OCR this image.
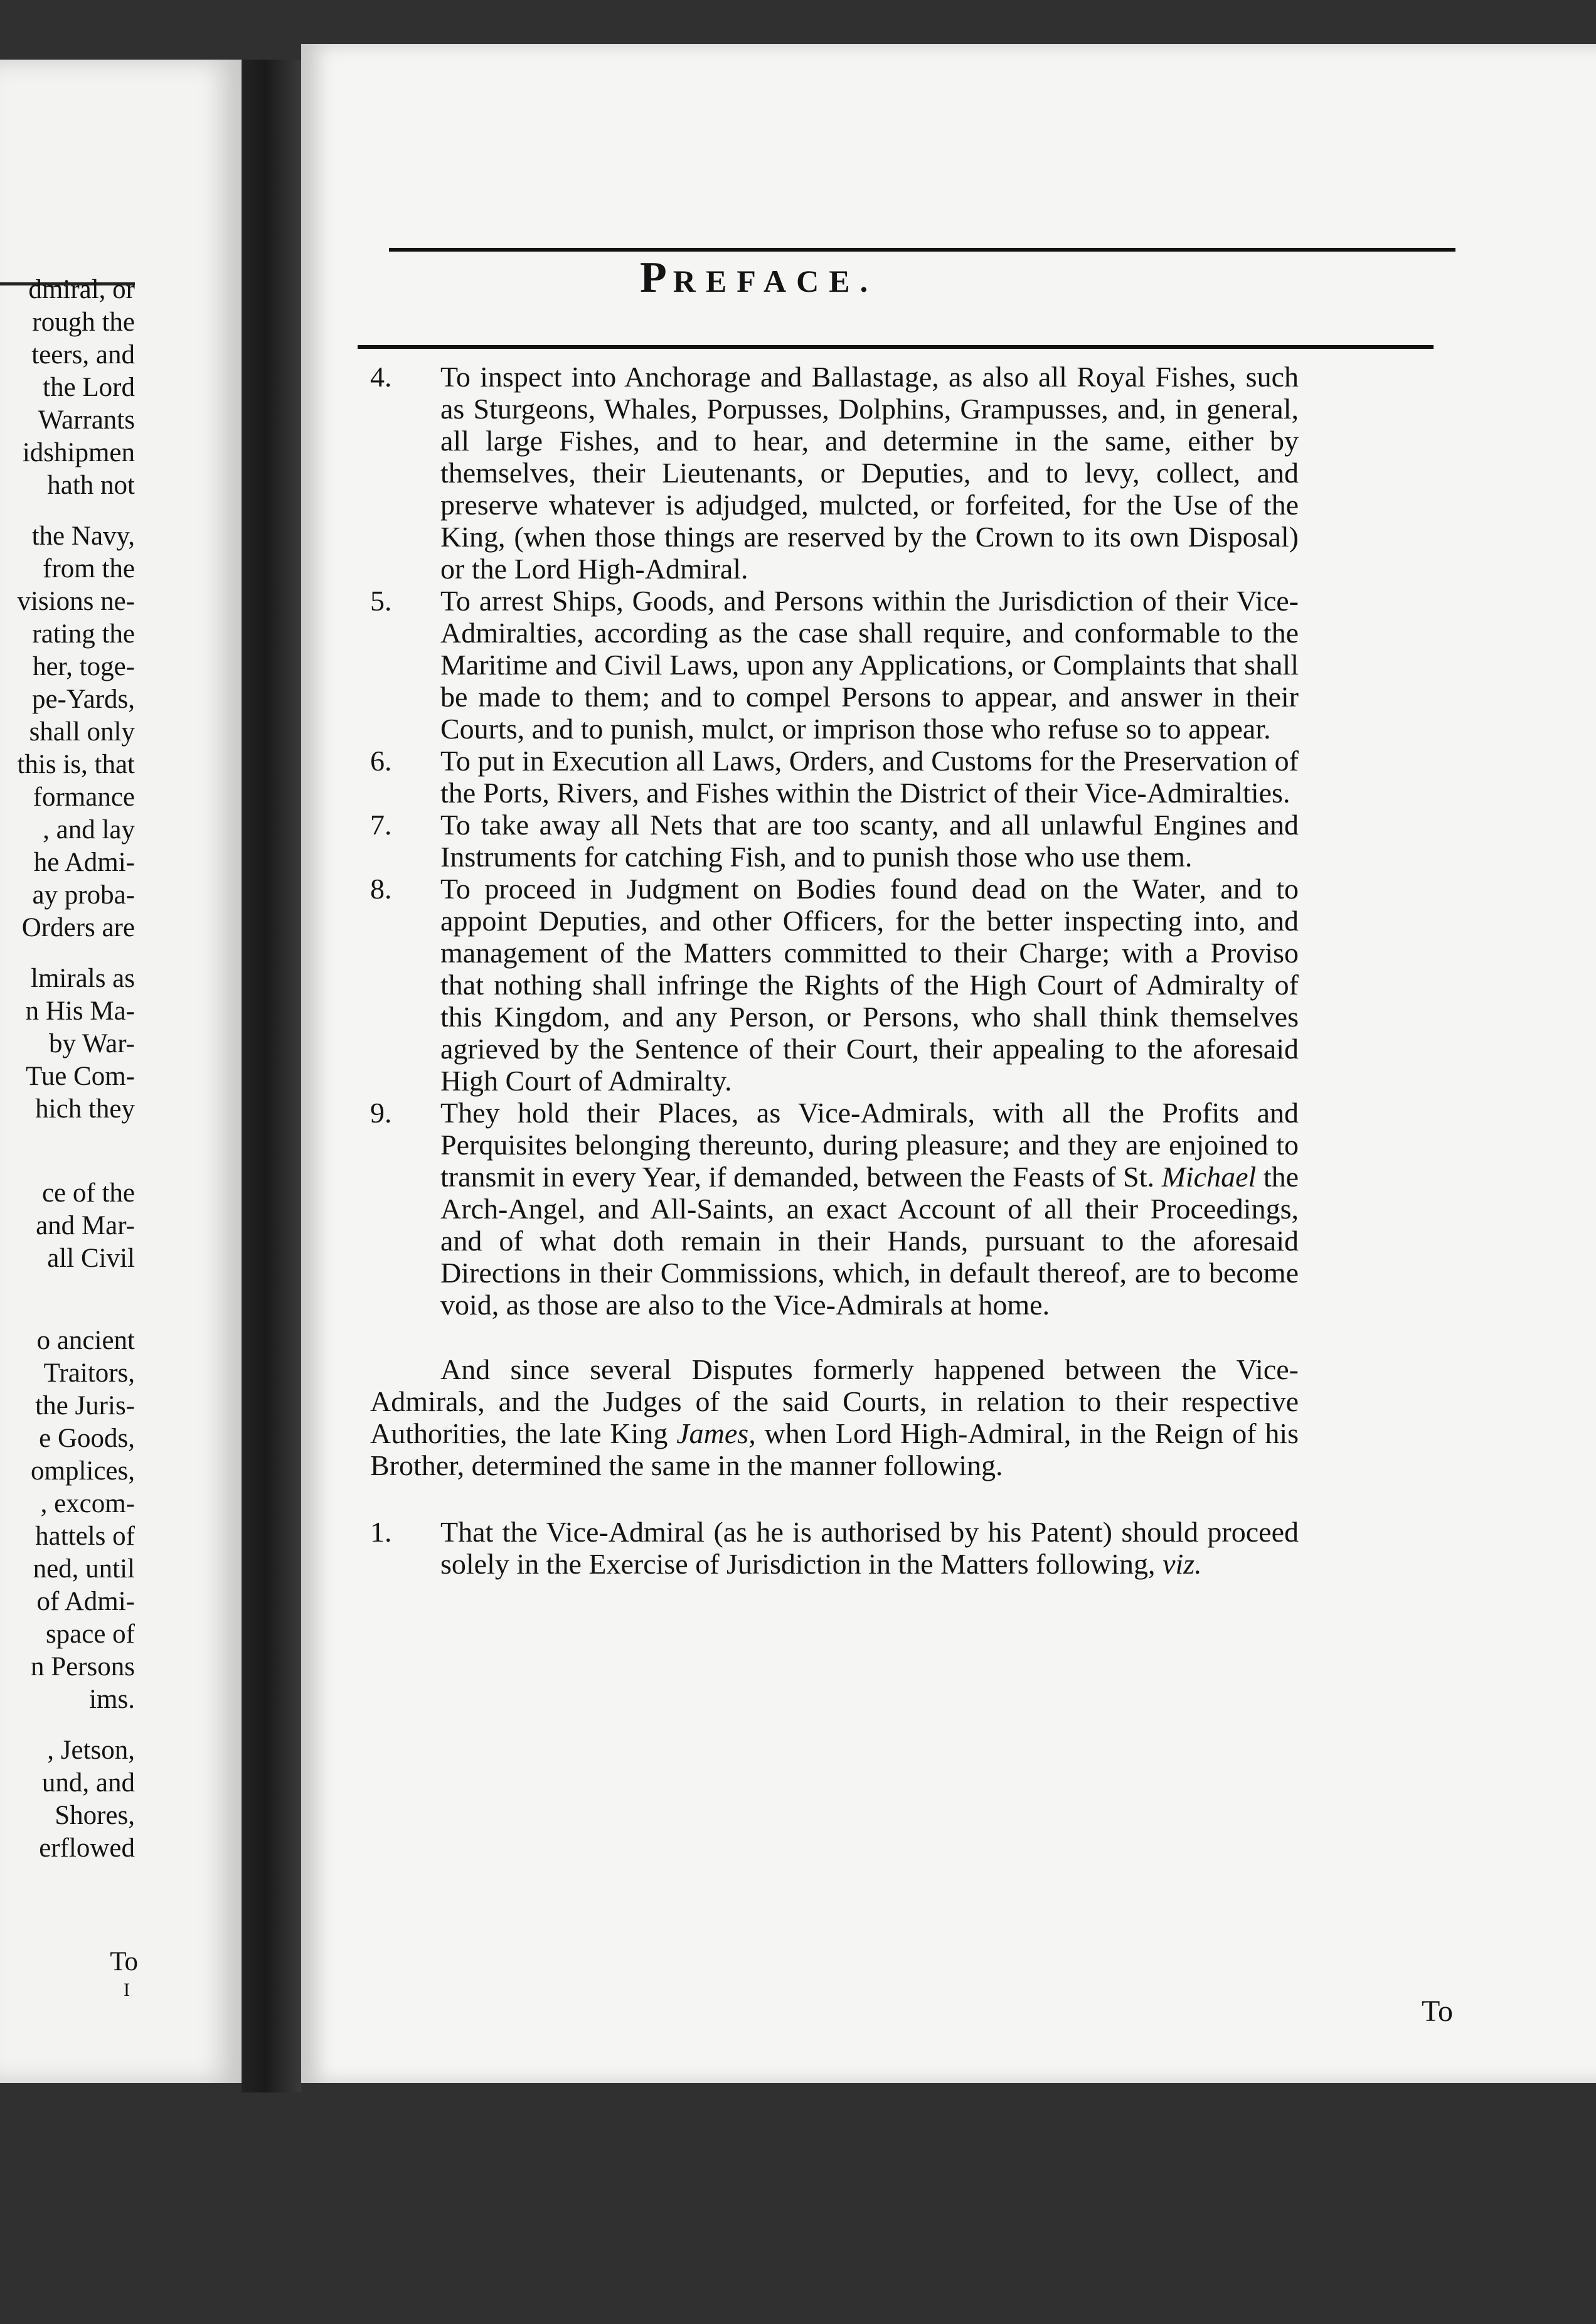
dmiral, or
rough the
teers, and
the Lord
Warrants
idshipmen
hath not
the Navy,
from the
visions ne-
rating the
her, toge-
pe-Yards,
shall only
this is, that
formance
, and lay
he Admi-
ay proba-
Orders are
lmirals as
n His Ma-
by War-
Tue Com-
hich they
ce of the
and Mar-
all Civil
o ancient
Traitors,
the Juris-
e Goods,
omplices,
, excom-
hattels of
ned, until
of Admi-
space of
n Persons
ims.
, Jetson,
und, and
Shores,
erflowed
To
I
PREFACE.

4. To inspect into Anchorage and Ballastage, as also all Royal Fishes, such as Sturgeons, Whales, Porpusses, Dolphins, Grampusses, and, in general, all large Fishes, and to hear, and determine in the same, either by themselves, their Lieutenants, or Deputies, and to levy, collect, and preserve whatever is adjudged, mulcted, or forfeited, for the Use of the King, (when those things are reserved by the Crown to its own Disposal) or the Lord High-Admiral.

5. To arrest Ships, Goods, and Persons within the Jurisdiction of their Vice-Admiralties, according as the case shall require, and conformable to the Maritime and Civil Laws, upon any Applications, or Complaints that shall be made to them; and to compel Persons to appear, and answer in their Courts, and to punish, mulct, or imprison those who refuse so to appear.

6. To put in Execution all Laws, Orders, and Customs for the Preservation of the Ports, Rivers, and Fishes within the District of their Vice-Admiralties.

7. To take away all Nets that are too scanty, and all unlawful Engines and Instruments for catching Fish, and to punish those who use them.

8. To proceed in Judgment on Bodies found dead on the Water, and to appoint Deputies, and other Officers, for the better inspecting into, and management of the Matters committed to their Charge; with a Proviso that nothing shall infringe the Rights of the High Court of Admiralty of this Kingdom, and any Person, or Persons, who shall think themselves agrieved by the Sentence of their Court, their appealing to the aforesaid High Court of Admiralty.

9. They hold their Places, as Vice-Admirals, with all the Profits and Perquisites belonging thereunto, during pleasure; and they are enjoined to transmit in every Year, if demanded, between the Feasts of St. Michael the Arch-Angel, and All-Saints, an exact Account of all their Proceedings, and of what doth remain in their Hands, pursuant to the aforesaid Directions in their Commissions, which, in default thereof, are to become void, as those are also to the Vice-Admirals at home.

And since several Disputes formerly happened between the Vice-Admirals, and the Judges of the said Courts, in relation to their respective Authorities, the late King James, when Lord High-Admiral, in the Reign of his Brother, determined the same in the manner following.

1. That the Vice-Admiral (as he is authorised by his Patent) should proceed solely in the Exercise of Jurisdiction in the Matters following, viz.

To
